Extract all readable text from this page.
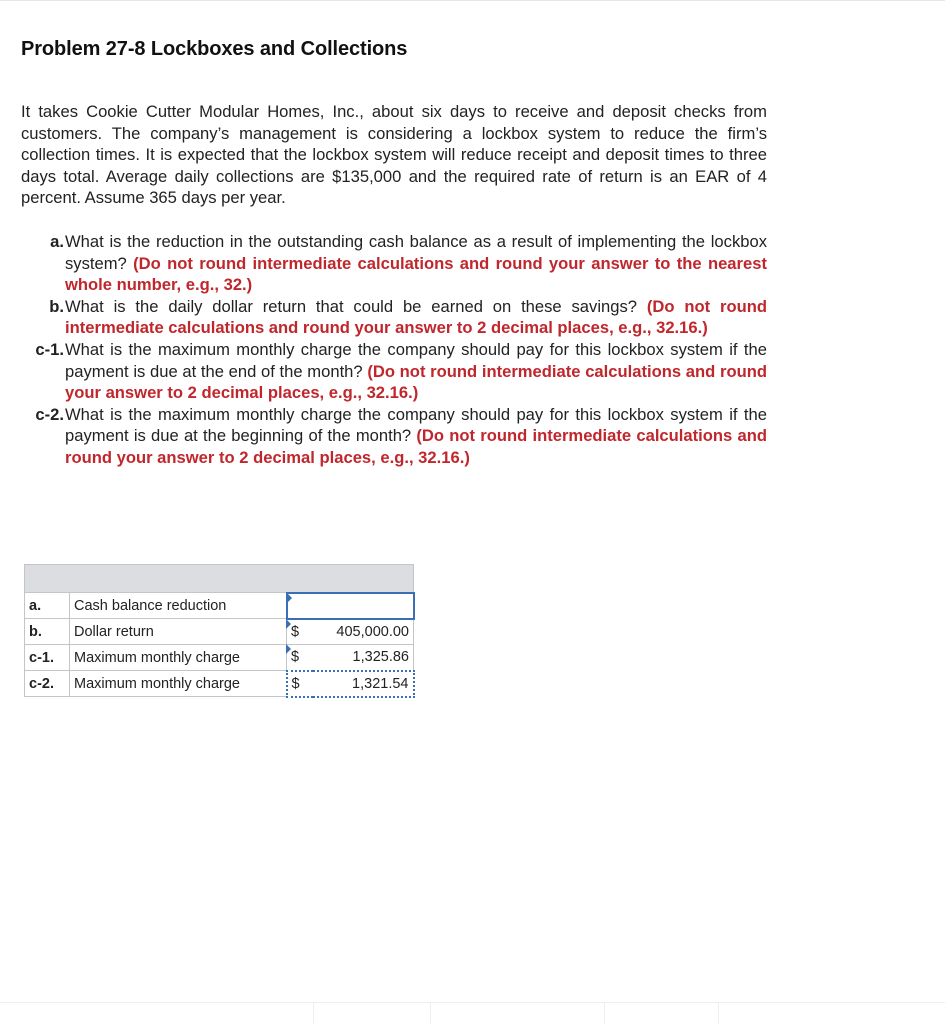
Problem 27-8 Lockboxes and Collections
It takes Cookie Cutter Modular Homes, Inc., about six days to receive and deposit checks from customers. The company’s management is considering a lockbox system to reduce the firm’s collection times. It is expected that the lockbox system will reduce receipt and deposit times to three days total. Average daily collections are $135,000 and the required rate of return is an EAR of 4 percent. Assume 365 days per year.
a. What is the reduction in the outstanding cash balance as a result of implementing the lockbox system? (Do not round intermediate calculations and round your answer to the nearest whole number, e.g., 32.)
b. What is the daily dollar return that could be earned on these savings? (Do not round intermediate calculations and round your answer to 2 decimal places, e.g., 32.16.)
c-1. What is the maximum monthly charge the company should pay for this lockbox system if the payment is due at the end of the month? (Do not round intermediate calculations and round your answer to 2 decimal places, e.g., 32.16.)
c-2. What is the maximum monthly charge the company should pay for this lockbox system if the payment is due at the beginning of the month? (Do not round intermediate calculations and round your answer to 2 decimal places, e.g., 32.16.)

a.	Cash balance reduction		

b.	Dollar return	$	405,000.00
c-1.	Maximum monthly charge	$	1,325.86
c-2.	Maximum monthly charge	$	1,321.54
